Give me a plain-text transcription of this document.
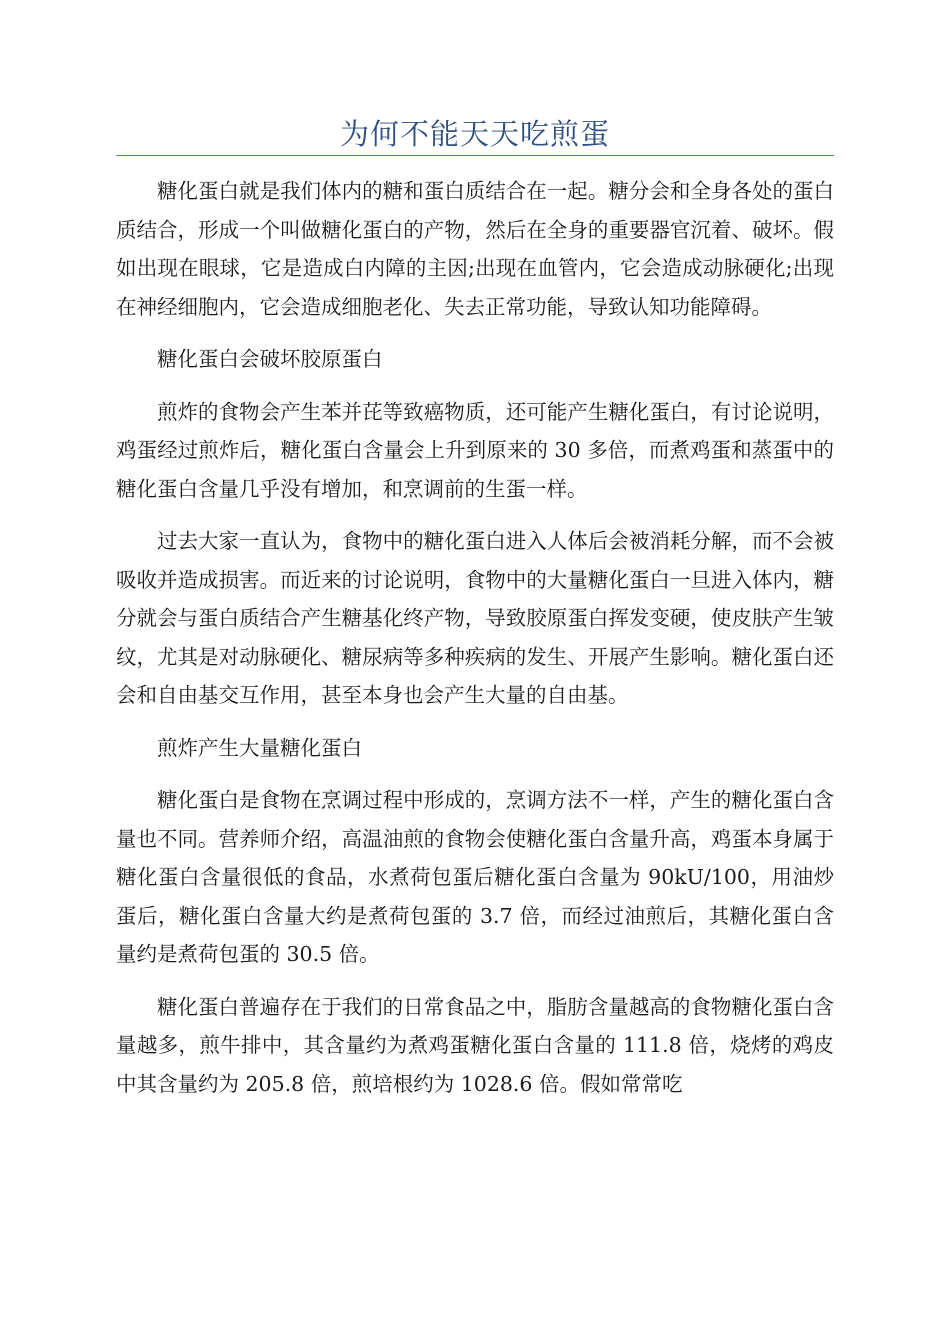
为何不能天天吃煎蛋

糖化蛋白就是我们体内的糖和蛋白质结合在一起。糖分会和全身各处的蛋白质结合，形成一个叫做糖化蛋白的产物，然后在全身的重要器官沉着、破坏。假如出现在眼球，它是造成白内障的主因;出现在血管内，它会造成动脉硬化;出现在神经细胞内，它会造成细胞老化、失去正常功能，导致认知功能障碍。

糖化蛋白会破坏胶原蛋白

煎炸的食物会产生苯并芘等致癌物质，还可能产生糖化蛋白，有讨论说明，鸡蛋经过煎炸后，糖化蛋白含量会上升到原来的 30 多倍，而煮鸡蛋和蒸蛋中的糖化蛋白含量几乎没有增加，和烹调前的生蛋一样。

过去大家一直认为，食物中的糖化蛋白进入人体后会被消耗分解，而不会被吸收并造成损害。而近来的讨论说明，食物中的大量糖化蛋白一旦进入体内，糖分就会与蛋白质结合产生糖基化终产物，导致胶原蛋白挥发变硬，使皮肤产生皱纹，尤其是对动脉硬化、糖尿病等多种疾病的发生、开展产生影响。糖化蛋白还会和自由基交互作用，甚至本身也会产生大量的自由基。

煎炸产生大量糖化蛋白

糖化蛋白是食物在烹调过程中形成的，烹调方法不一样，产生的糖化蛋白含量也不同。营养师介绍，高温油煎的食物会使糖化蛋白含量升高，鸡蛋本身属于糖化蛋白含量很低的食品，水煮荷包蛋后糖化蛋白含量为 90kU/100，用油炒蛋后，糖化蛋白含量大约是煮荷包蛋的 3.7 倍，而经过油煎后，其糖化蛋白含量约是煮荷包蛋的 30.5 倍。

糖化蛋白普遍存在于我们的日常食品之中，脂肪含量越高的食物糖化蛋白含量越多，煎牛排中，其含量约为煮鸡蛋糖化蛋白含量的 111.8 倍，烧烤的鸡皮中其含量约为 205.8 倍，煎培根约为 1028.6 倍。假如常常吃
